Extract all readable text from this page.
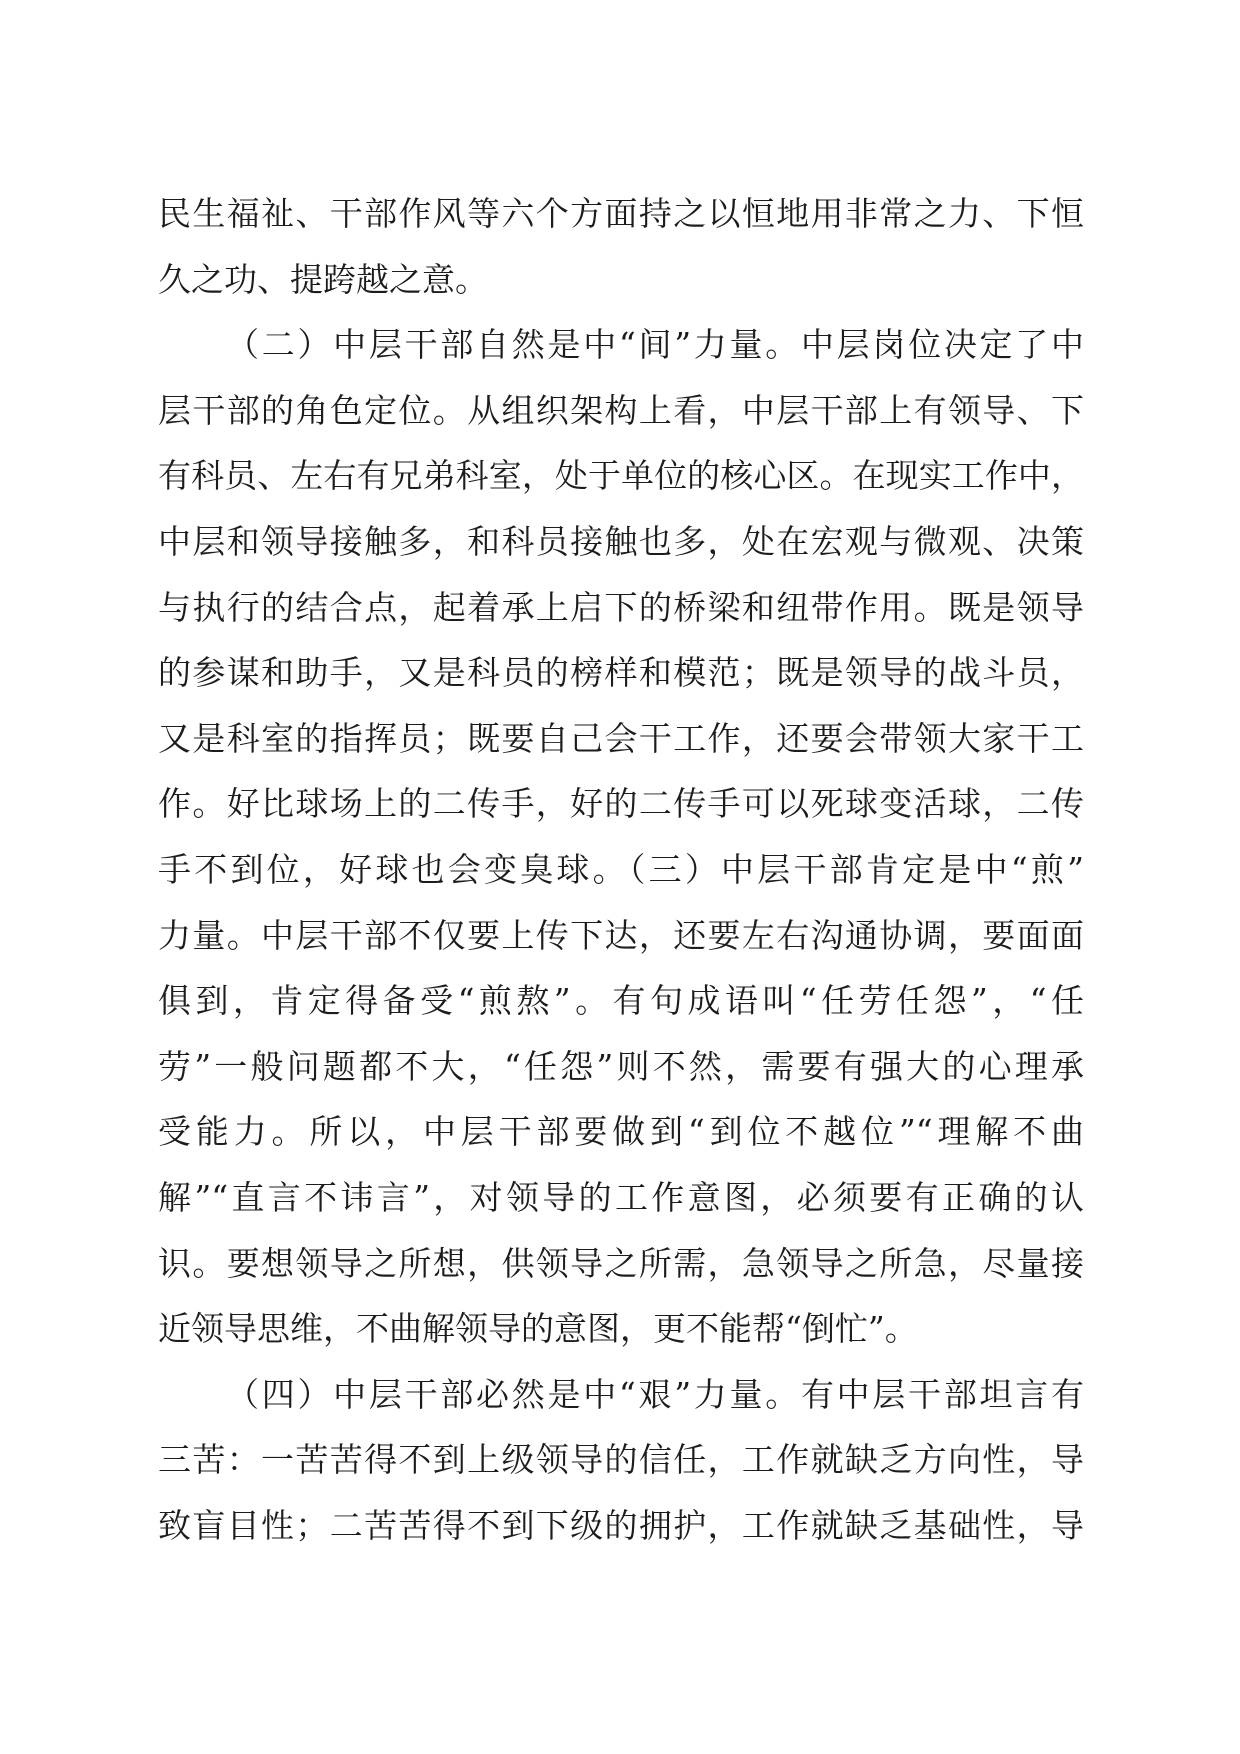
民生福祉、干部作风等六个方面持之以恒地用非常之力、下恒
久之功、提跨越之意。
（二）中层干部自然是中“间”力量。中层岗位决定了中
层干部的角色定位。从组织架构上看，中层干部上有领导、下
有科员、左右有兄弟科室，处于单位的核心区。在现实工作中，
中层和领导接触多，和科员接触也多，处在宏观与微观、决策
与执行的结合点，起着承上启下的桥梁和纽带作用。既是领导
的参谋和助手，又是科员的榜样和模范；既是领导的战斗员，
又是科室的指挥员；既要自己会干工作，还要会带领大家干工
作。好比球场上的二传手，好的二传手可以死球变活球，二传
手不到位，好球也会变臭球。（三）中层干部肯定是中“煎”
力量。中层干部不仅要上传下达，还要左右沟通协调，要面面
俱到，肯定得备受“煎熬”。有句成语叫“任劳任怨”，“任
劳”一般问题都不大，“任怨”则不然，需要有强大的心理承
受能力。所以，中层干部要做到“到位不越位”“理解不曲
解”“直言不讳言”，对领导的工作意图，必须要有正确的认
识。要想领导之所想，供领导之所需，急领导之所急，尽量接
近领导思维，不曲解领导的意图，更不能帮“倒忙”。
（四）中层干部必然是中“艰”力量。有中层干部坦言有
三苦：一苦苦得不到上级领导的信任，工作就缺乏方向性，导
致盲目性；二苦苦得不到下级的拥护，工作就缺乏基础性，导
